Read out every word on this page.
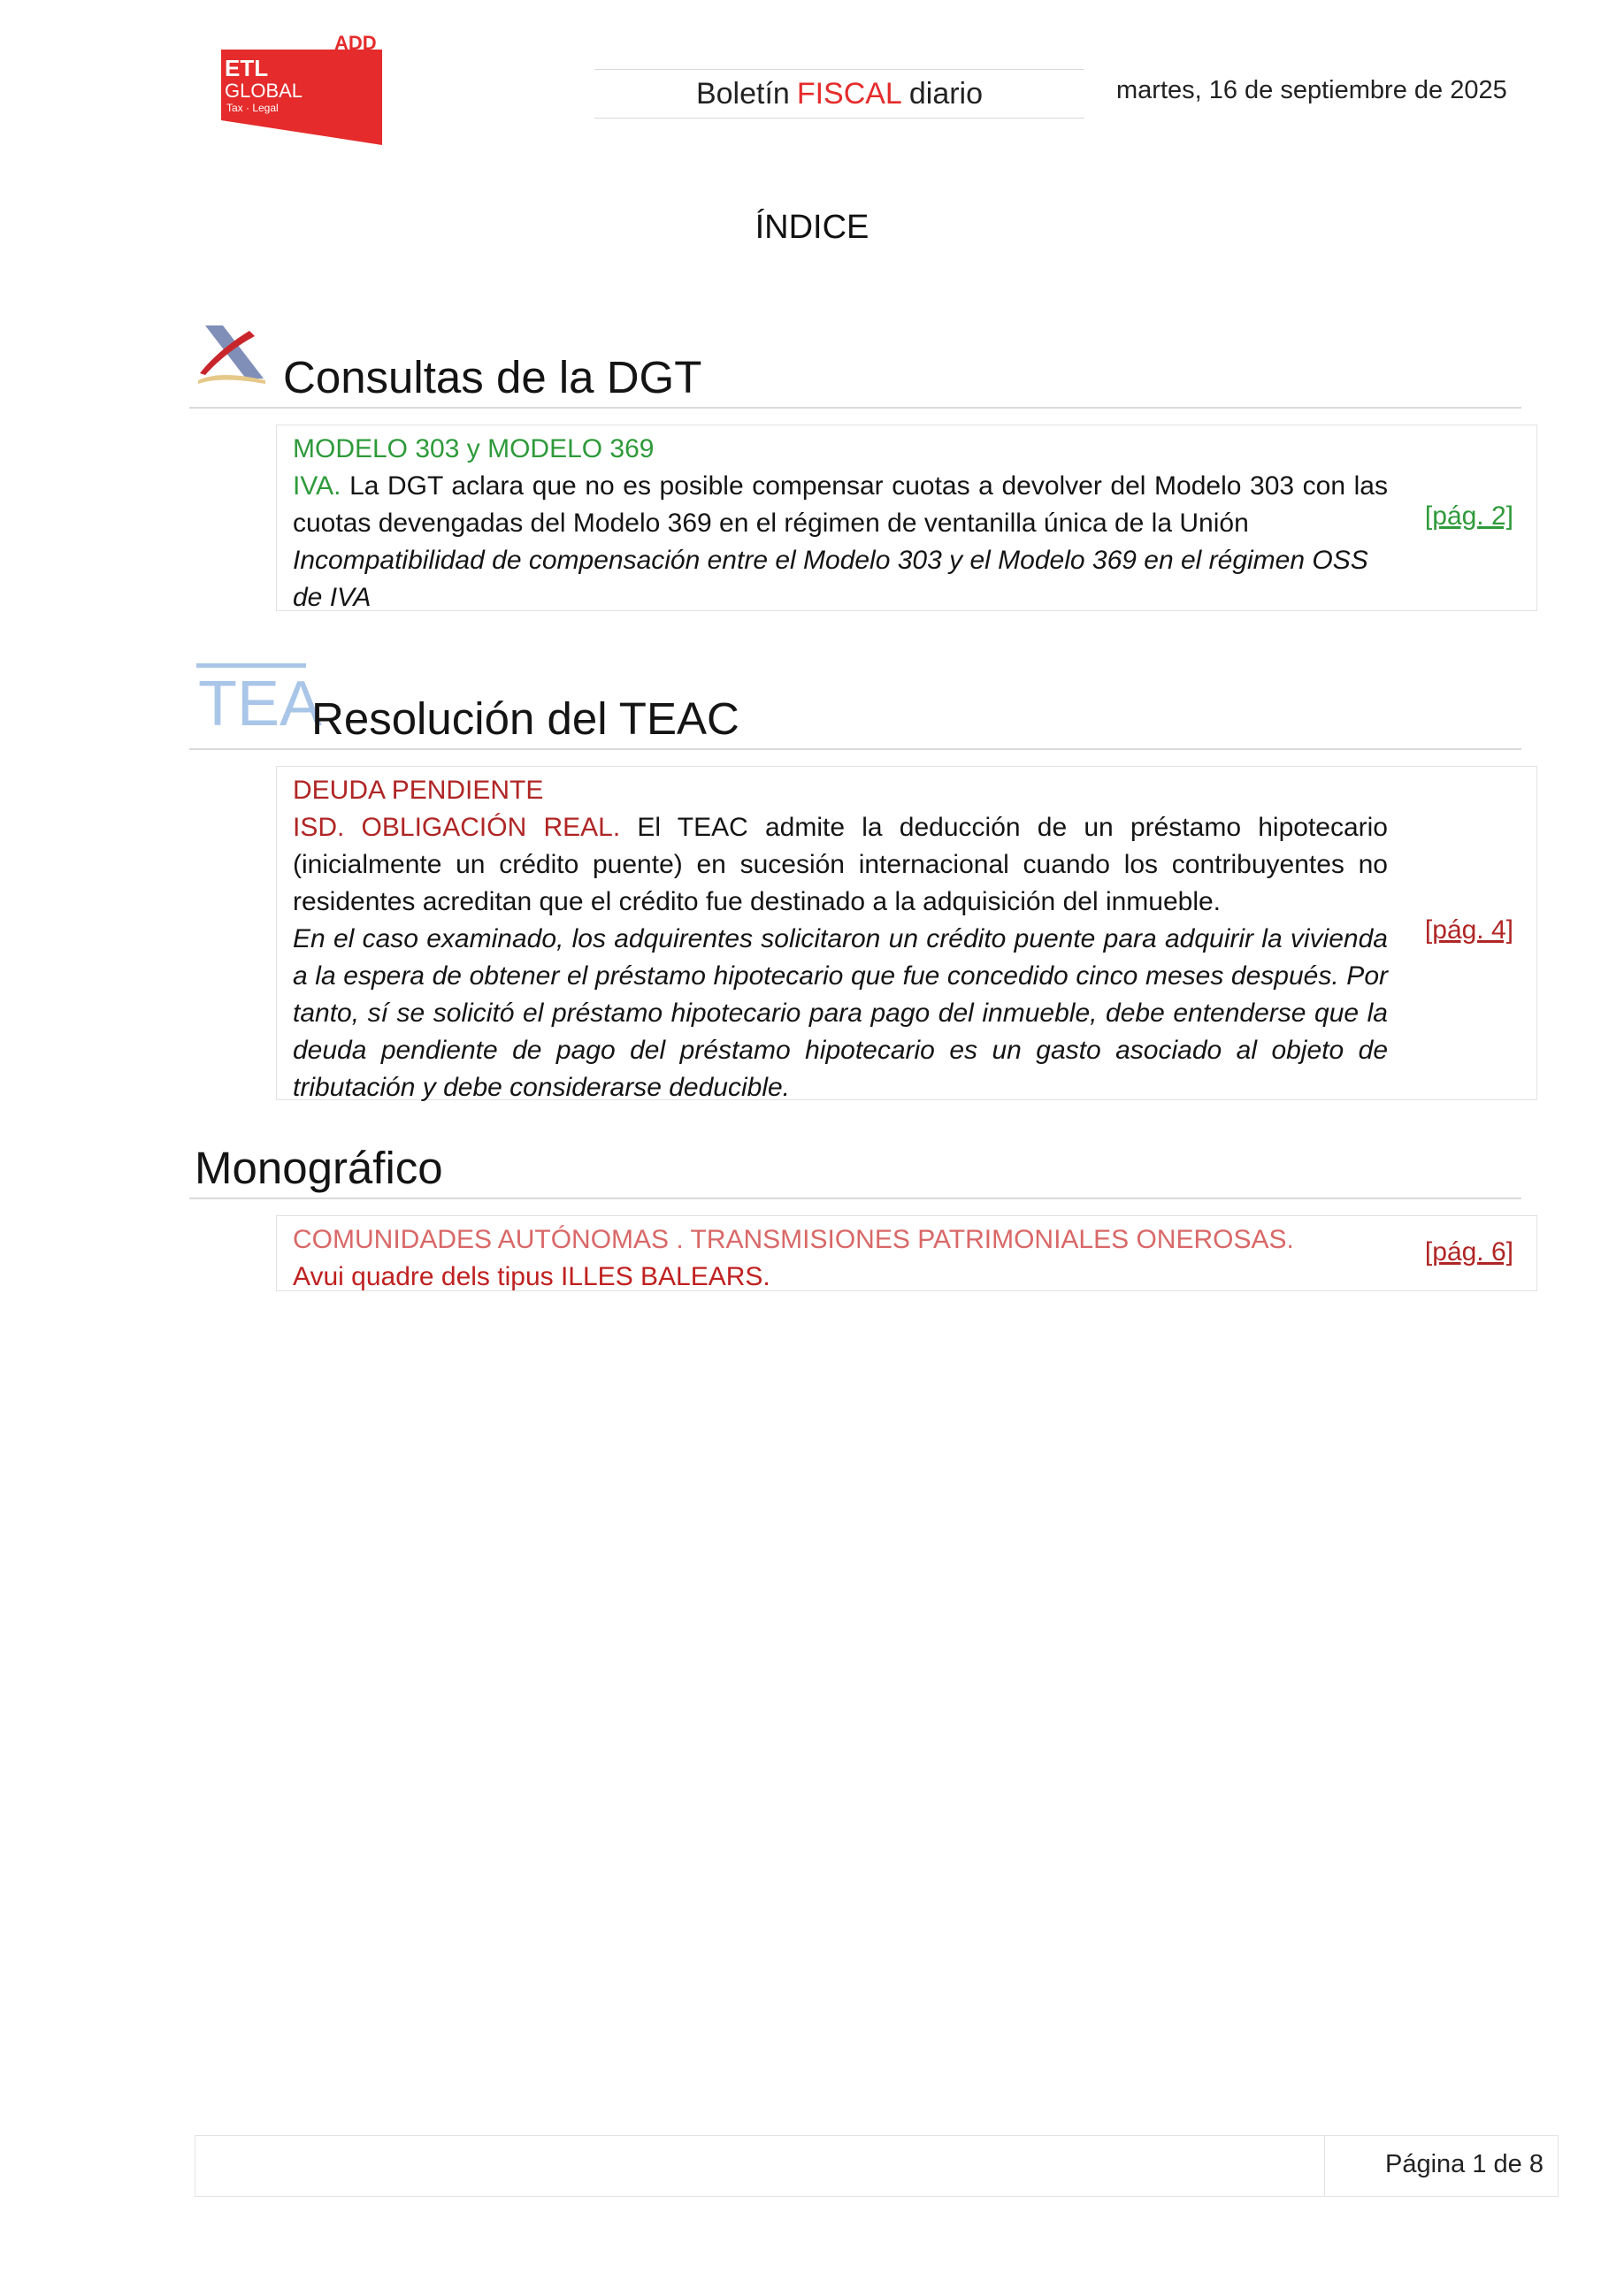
ADD
ETL
GLOBAL
Tax · Legal	Boletín FISCAL diario	martes, 16 de septiembre de 2025
ÍNDICE
Consultas de la DGT
MODELO 303 y MODELO 369
IVA. La DGT aclara que no es posible compensar cuotas a devolver del Modelo 303 con las cuotas devengadas del Modelo 369 en el régimen de ventanilla única de la Unión
Incompatibilidad de compensación entre el Modelo 303 y el Modelo 369 en el régimen OSS de IVA
[pág. 2]
TEA
Resolución del TEAC
DEUDA PENDIENTE
ISD. OBLIGACIÓN REAL. El TEAC admite la deducción de un préstamo hipotecario (inicialmente un crédito puente) en sucesión internacional cuando los contribuyentes no residentes acreditan que el crédito fue destinado a la adquisición del inmueble.
En el caso examinado, los adquirentes solicitaron un crédito puente para adquirir la vivienda a la espera de obtener el préstamo hipotecario que fue concedido cinco meses después. Por tanto, sí se solicitó el préstamo hipotecario para pago del inmueble, debe entenderse que la deuda pendiente de pago del préstamo hipotecario es un gasto asociado al objeto de tributación y debe considerarse deducible.
[pág. 4]
Monográfico
COMUNIDADES AUTÓNOMAS . TRANSMISIONES PATRIMONIALES ONEROSAS.
Avui quadre dels tipus ILLES BALEARS.
[pág. 6]
Página 1 de 8
